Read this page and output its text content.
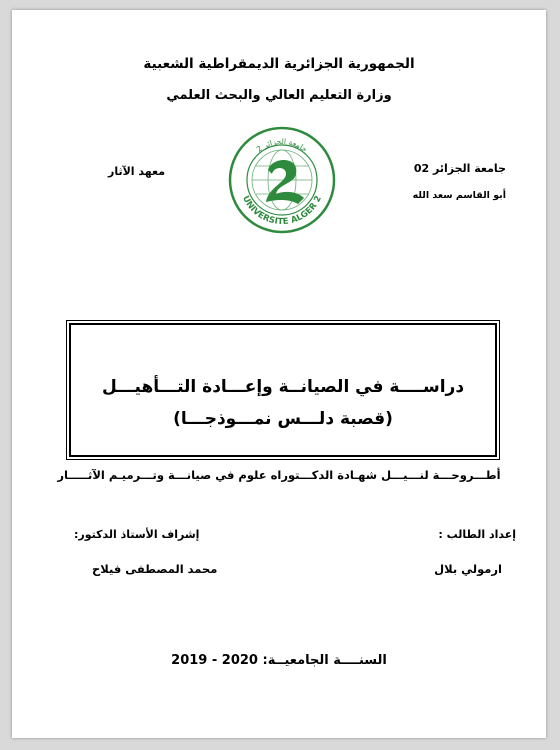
الجمهورية الجزائرية الديمقراطية الشعبية
وزارة التعليم العالي والبحث العلمي
جامعة الجزائر 02
أبو القاسم سعد الله
معهد الآثار
جامعة الجزائر 2
UNIVERSITE ALGER 2
دراســــة في الصيانــة وإعـــادة التـــأهيـــل
(قصبة دلـــس نمـــوذجـــا)
أطـــروحـــة لنـــيـــل شهـادة الدكـــتوراه علوم في صيانـــة وتـــرميـم الآثـــــار
إعداد الطالب :
ارمولي بلال
إشراف الأستاذ الدكتور:
محمد المصطفى فيلاح
السنــــة الجامعيــة: 2019 - 2020
